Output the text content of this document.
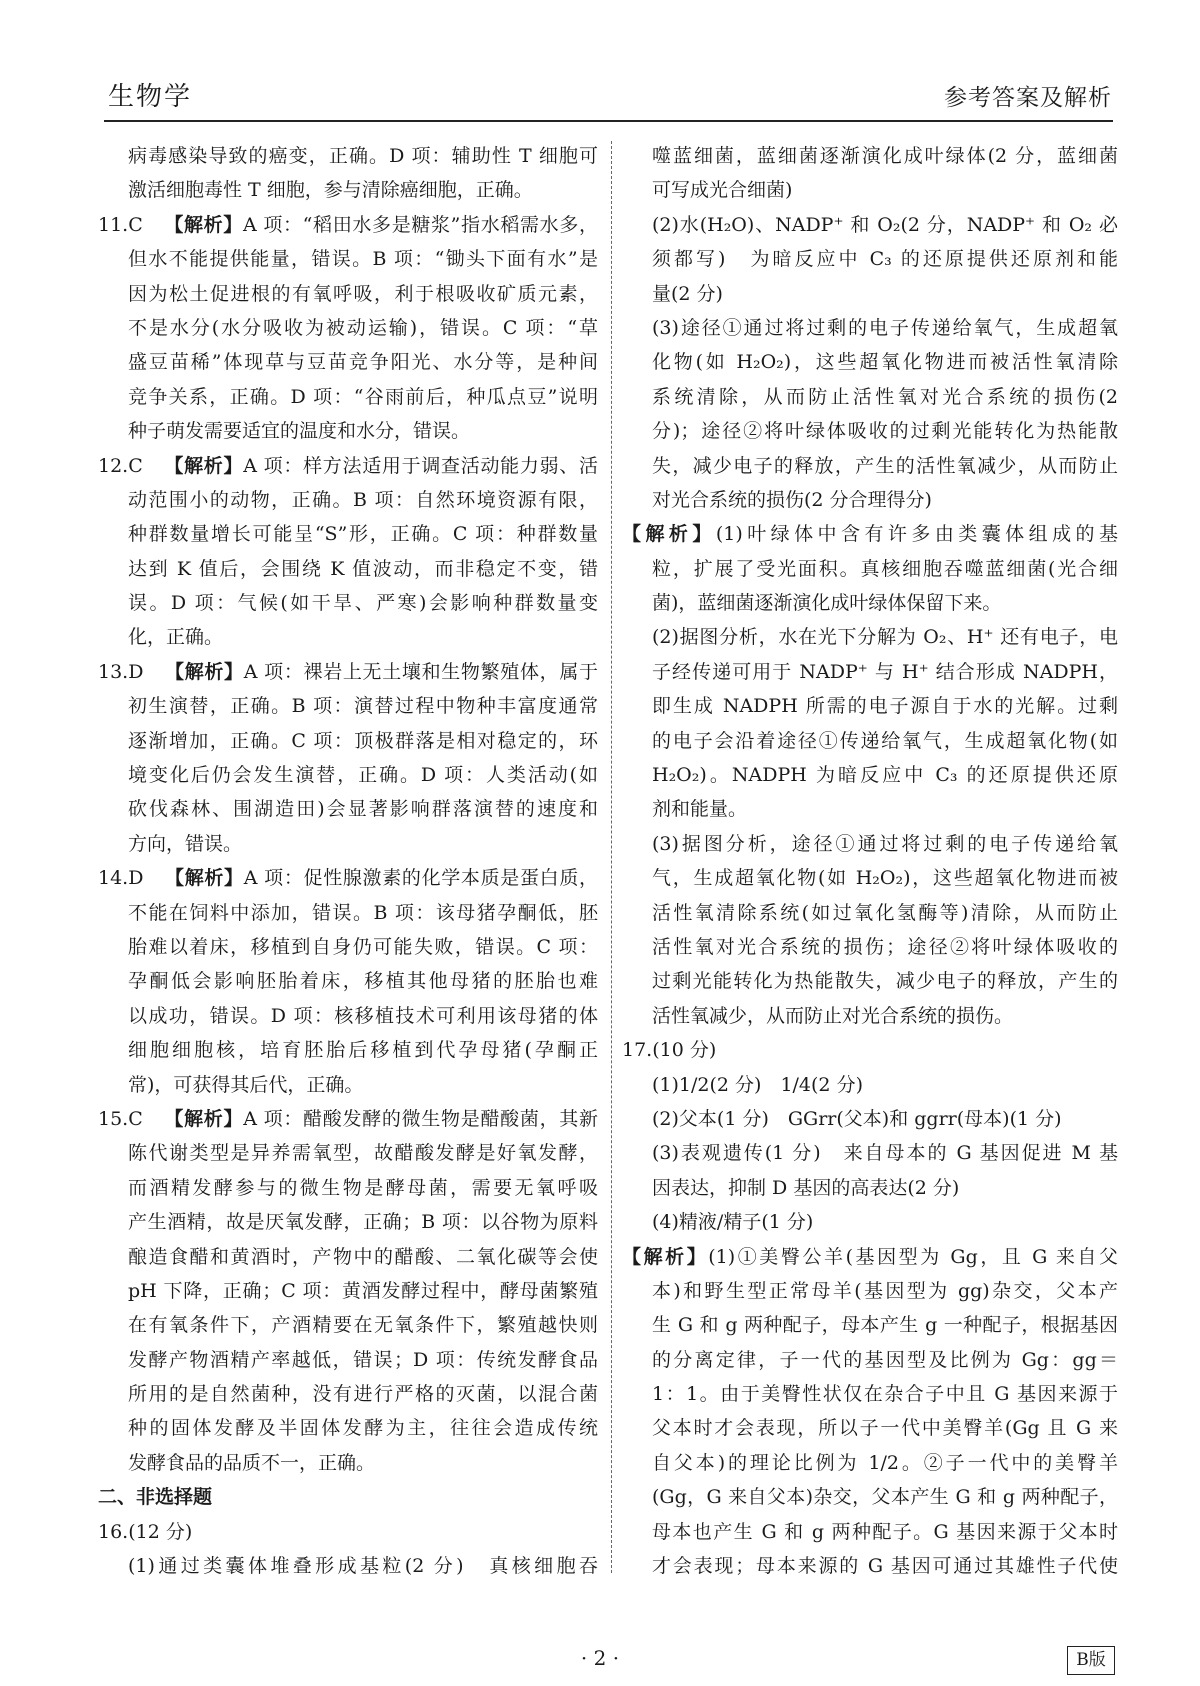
生物学	参考答案及解析
病毒感染导致的癌变，正确。D 项：辅助性 T 细胞可
激活细胞毒性 T 细胞，参与清除癌细胞，正确。
11.C 【解析】A 项：“稻田水多是糖浆”指水稻需水多，
但水不能提供能量，错误。B 项：“锄头下面有水”是
因为松土促进根的有氧呼吸，利于根吸收矿质元素，
不是水分(水分吸收为被动运输)，错误。C 项：“草
盛豆苗稀”体现草与豆苗竞争阳光、水分等，是种间
竞争关系，正确。D 项：“谷雨前后，种瓜点豆”说明
种子萌发需要适宜的温度和水分，错误。
12.C 【解析】A 项：样方法适用于调查活动能力弱、活
动范围小的动物，正确。B 项：自然环境资源有限，
种群数量增长可能呈“S”形，正确。C 项：种群数量
达到 K 值后，会围绕 K 值波动，而非稳定不变，错
误。D 项：气候(如干旱、严寒)会影响种群数量变
化，正确。
13.D 【解析】A 项：裸岩上无土壤和生物繁殖体，属于
初生演替，正确。B 项：演替过程中物种丰富度通常
逐渐增加，正确。C 项：顶极群落是相对稳定的，环
境变化后仍会发生演替，正确。D 项：人类活动(如
砍伐森林、围湖造田)会显著影响群落演替的速度和
方向，错误。
14.D 【解析】A 项：促性腺激素的化学本质是蛋白质，
不能在饲料中添加，错误。B 项：该母猪孕酮低，胚
胎难以着床，移植到自身仍可能失败，错误。C 项：
孕酮低会影响胚胎着床，移植其他母猪的胚胎也难
以成功，错误。D 项：核移植技术可利用该母猪的体
细胞细胞核，培育胚胎后移植到代孕母猪(孕酮正
常)，可获得其后代，正确。
15.C 【解析】A 项：醋酸发酵的微生物是醋酸菌，其新
陈代谢类型是异养需氧型，故醋酸发酵是好氧发酵，
而酒精发酵参与的微生物是酵母菌，需要无氧呼吸
产生酒精，故是厌氧发酵，正确；B 项：以谷物为原料
酿造食醋和黄酒时，产物中的醋酸、二氧化碳等会使
pH 下降，正确；C 项：黄酒发酵过程中，酵母菌繁殖
在有氧条件下，产酒精要在无氧条件下，繁殖越快则
发酵产物酒精产率越低，错误；D 项：传统发酵食品
所用的是自然菌种，没有进行严格的灭菌，以混合菌
种的固体发酵及半固体发酵为主，往往会造成传统
发酵食品的品质不一，正确。
二、非选择题
16.(12 分)
(1)通过类囊体堆叠形成基粒(2 分)　真核细胞吞
噬蓝细菌，蓝细菌逐渐演化成叶绿体(2 分，蓝细菌
可写成光合细菌)
(2)水(H₂O)、NADP⁺ 和 O₂(2 分，NADP⁺ 和 O₂ 必
须都写)　为暗反应中 C₃ 的还原提供还原剂和能
量(2 分)
(3)途径①通过将过剩的电子传递给氧气，生成超氧
化物(如 H₂O₂)，这些超氧化物进而被活性氧清除
系统清除，从而防止活性氧对光合系统的损伤(2
分)；途径②将叶绿体吸收的过剩光能转化为热能散
失，减少电子的释放，产生的活性氧减少，从而防止
对光合系统的损伤(2 分合理得分)
【解析】(1)叶绿体中含有许多由类囊体组成的基
粒，扩展了受光面积。真核细胞吞噬蓝细菌(光合细
菌)，蓝细菌逐渐演化成叶绿体保留下来。
(2)据图分析，水在光下分解为 O₂、H⁺ 还有电子，电
子经传递可用于 NADP⁺ 与 H⁺ 结合形成 NADPH，
即生成 NADPH 所需的电子源自于水的光解。过剩
的电子会沿着途径①传递给氧气，生成超氧化物(如
H₂O₂)。NADPH 为暗反应中 C₃ 的还原提供还原
剂和能量。
(3)据图分析，途径①通过将过剩的电子传递给氧
气，生成超氧化物(如 H₂O₂)，这些超氧化物进而被
活性氧清除系统(如过氧化氢酶等)清除，从而防止
活性氧对光合系统的损伤；途径②将叶绿体吸收的
过剩光能转化为热能散失，减少电子的释放，产生的
活性氧减少，从而防止对光合系统的损伤。
17.(10 分)
(1)1/2(2 分)　1/4(2 分)
(2)父本(1 分)　GGrr(父本)和 ggrr(母本)(1 分)
(3)表观遗传(1 分)　来自母本的 G 基因促进 M 基
因表达，抑制 D 基因的高表达(2 分)
(4)精液/精子(1 分)
【解析】(1)①美臀公羊(基因型为 Gg，且 G 来自父
本)和野生型正常母羊(基因型为 gg)杂交，父本产
生 G 和 g 两种配子，母本产生 g 一种配子，根据基因
的分离定律，子一代的基因型及比例为 Gg：gg＝
1：1。由于美臀性状仅在杂合子中且 G 基因来源于
父本时才会表现，所以子一代中美臀羊(Gg 且 G 来
自父本)的理论比例为 1/2。②子一代中的美臀羊
(Gg，G 来自父本)杂交，父本产生 G 和 g 两种配子，
母本也产生 G 和 g 两种配子。G 基因来源于父本时
才会表现；母本来源的 G 基因可通过其雄性子代使
· 2 ·	B版
